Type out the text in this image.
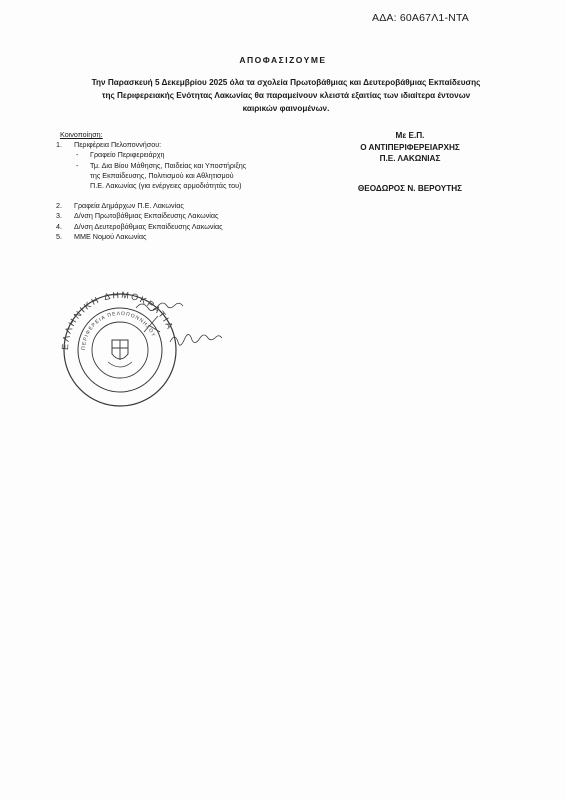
ΑΔΑ: 60Α67Λ1-ΝΤΑ
ΑΠΟΦΑΣΙΖΟΥΜΕ
Την Παρασκευή 5 Δεκεμβρίου 2025 όλα τα σχολεία Πρωτοβάθμιας και Δευτεροβάθμιας Εκπαίδευσης
της Περιφερειακής Ενότητας Λακωνίας θα παραμείνουν κλειστά εξαιτίας των ιδιαίτερα έντονων
καιρικών φαινομένων.
Κοινοποίηση:
1.	Περιφέρεια Πελοποννήσου:
-	Γραφείο Περιφερειάρχη
-	Τμ. Δια Βίου Μάθησης, Παιδείας και Υποστήριξης
της Εκπαίδευσης, Πολιτισμού και Αθλητισμού
Π.Ε. Λακωνίας (για ενέργειες αρμοδιότητάς του)
2.	Γραφεία Δημάρχων Π.Ε. Λακωνίας
3.	Δ/νση Πρωτοβάθμιας Εκπαίδευσης Λακωνίας
4.	Δ/νση Δευτεροβάθμιας Εκπαίδευσης Λακωνίας
5.	ΜΜΕ Νομού Λακωνίας
Με Ε.Π.
Ο ΑΝΤΙΠΕΡΙΦΕΡΕΙΑΡΧΗΣ
Π.Ε. ΛΑΚΩΝΙΑΣ
ΘΕΟΔΩΡΟΣ Ν. ΒΕΡΟΥΤΗΣ
ΕΛΛΗΝΙΚΗ ΔΗΜΟΚΡΑΤΙΑ
ΠΕΡΙΦΕΡΕΙΑ ΠΕΛΟΠΟΝΝΗΣΟΥ
